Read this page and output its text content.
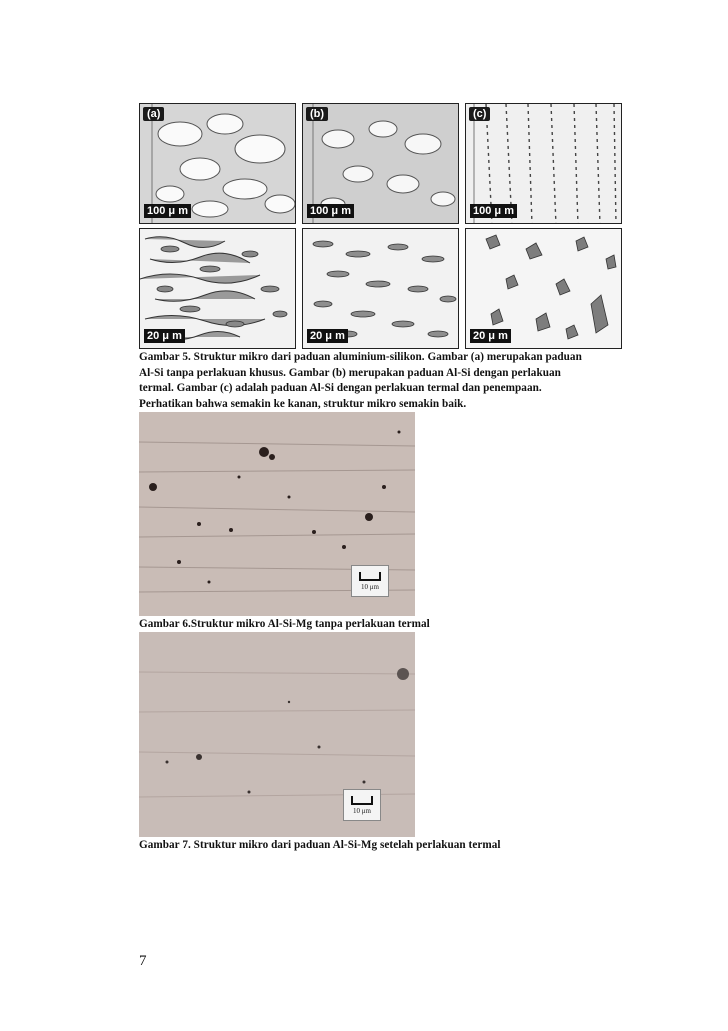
(a)
100 μ m
20 μ m
(b)
100 μ m
20 μ m
(c)
100 μ m
20 μ m
Gambar 5. Struktur mikro dari paduan aluminium-silikon. Gambar (a) merupakan paduan
Al-Si tanpa perlakuan khusus. Gambar (b) merupakan paduan Al-Si dengan perlakuan
termal. Gambar (c) adalah paduan Al-Si dengan perlakuan termal dan penempaan.
Perhatikan bahwa semakin ke kanan, struktur mikro semakin baik.
10 μm
Gambar 6.Struktur mikro Al-Si-Mg tanpa perlakuan termal
10 μm
Gambar 7. Struktur mikro dari paduan Al-Si-Mg setelah perlakuan termal
7
